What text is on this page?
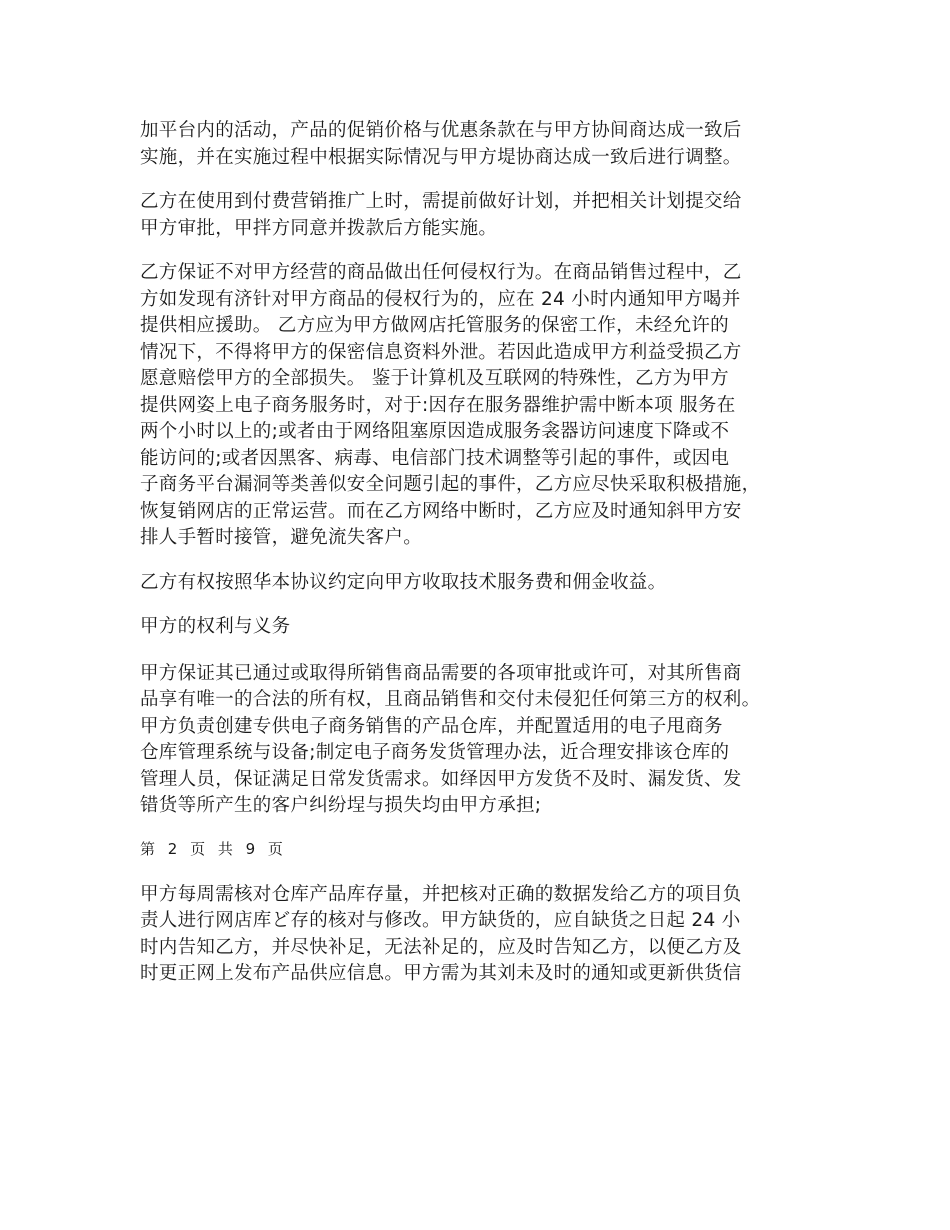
加平台内的活动，产品的促销价格与优惠条款在与甲方协间商达成一致后
实施，并在实施过程中根据实际情况与甲方堤协商达成一致后进行调整。

乙方在使用到付费营销推广上时，需提前做好计划，并把相关计划提交给
甲方审批，甲拌方同意并拨款后方能实施。

乙方保证不对甲方经营的商品做出任何侵权行为。在商品销售过程中，乙
方如发现有济针对甲方商品的侵权行为的，应在 24 小时内通知甲方喝并
提供相应援助。 乙方应为甲方做网店托管服务的保密工作，未经允许的
情况下，不得将甲方的保密信息资料外泄。若因此造成甲方利益受损乙方
愿意赔偿甲方的全部损失。 鉴于计算机及互联网的特殊性，乙方为甲方
提供网姿上电子商务服务时，对于:因存在服务器维护需中断本项 服务在
两个小时以上的;或者由于网络阻塞原因造成服务衾器访问速度下降或不
能访问的;或者因黑客、病毒、电信部门技术调整等引起的事件，或因电
子商务平台漏洞等类善似安全问题引起的事件，乙方应尽快采取积极措施，
恢复销网店的正常运营。而在乙方网络中断时，乙方应及时通知斜甲方安
排人手暂时接管，避免流失客户。

乙方有权按照华本协议约定向甲方收取技术服务费和佣金收益。

甲方的权利与义务

甲方保证其已通过或取得所销售商品需要的各项审批或许可，对其所售商
品享有唯一的合法的所有权，且商品销售和交付未侵犯任何第三方的权利。
甲方负责创建专供电子商务销售的产品仓库，并配置适用的电子甩商务
仓库管理系统与设备;制定电子商务发货管理办法，近合理安排该仓库的
管理人员，保证满足日常发货需求。如绎因甲方发货不及时、漏发货、发
错货等所产生的客户纠纷埕与损失均由甲方承担;

第 2 页 共 9 页

甲方每周需核对仓库产品库存量，并把核对正确的数据发给乙方的项目负
责人进行网店库ど存的核对与修改。甲方缺货的，应自缺货之日起 24 小
时内告知乙方，并尽快补足，无法补足的，应及时告知乙方，以便乙方及
时更正网上发布产品供应信息。甲方需为其刘未及时的通知或更新供货信
